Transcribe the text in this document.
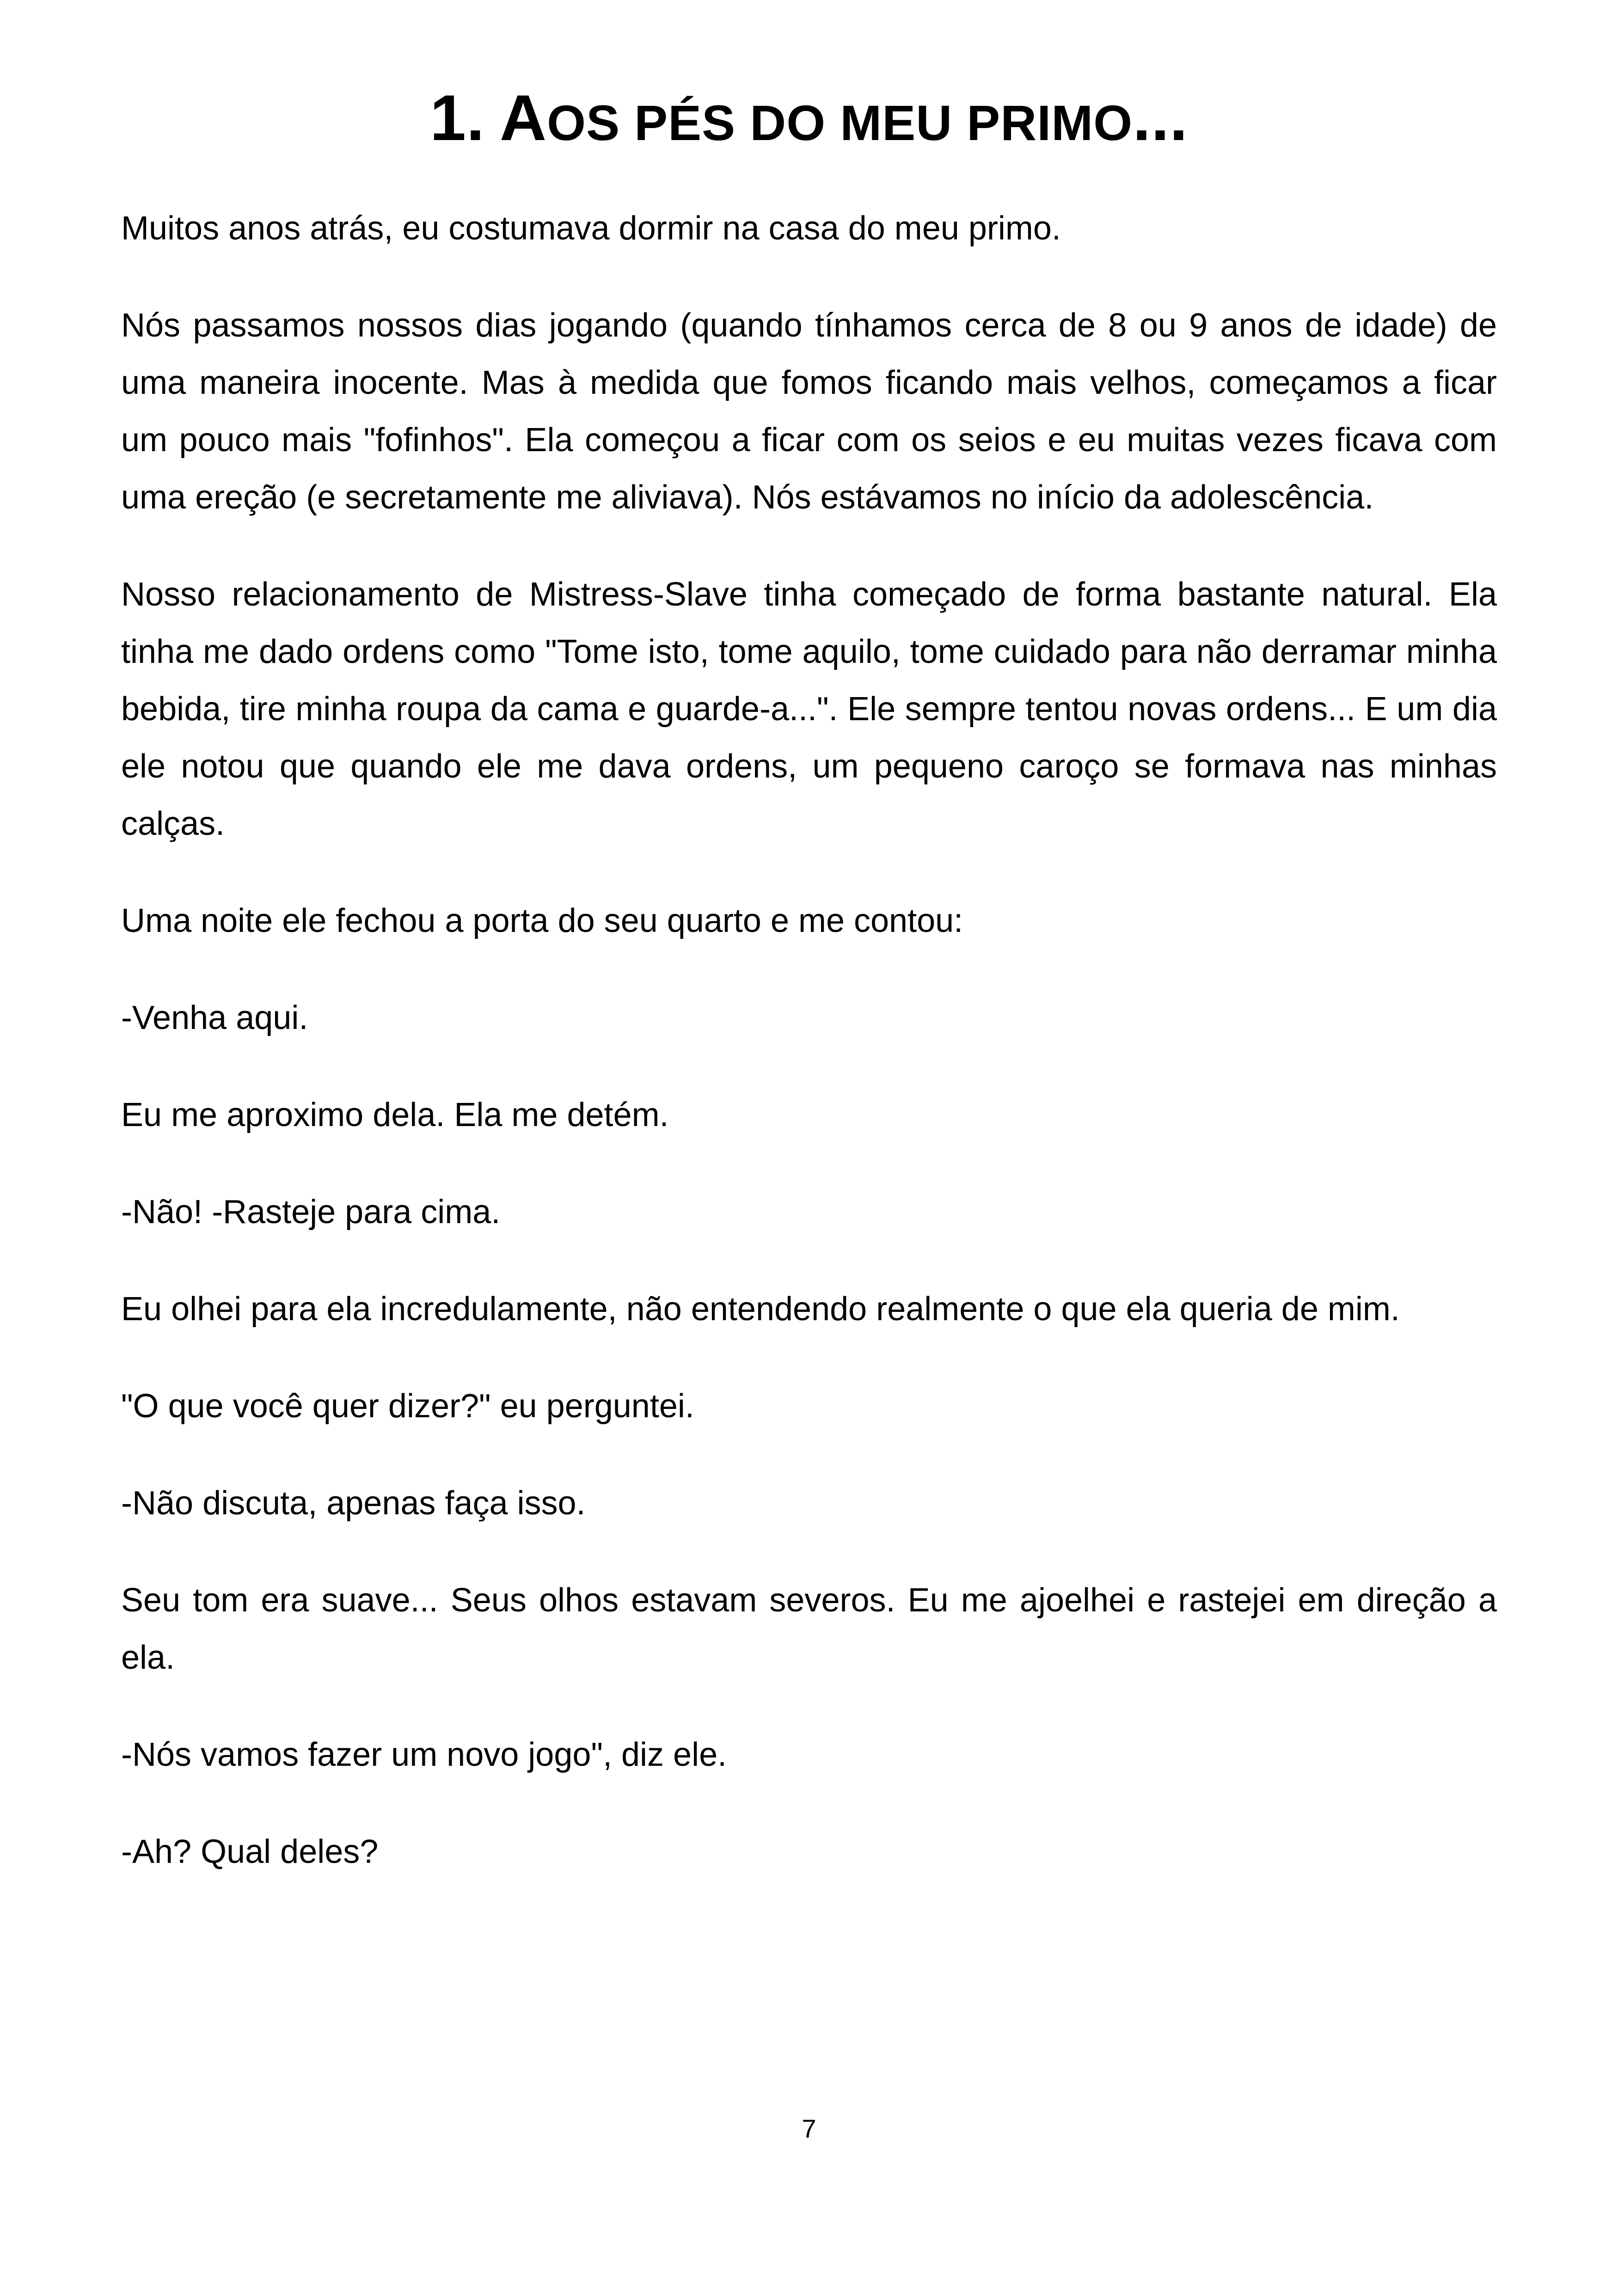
1. AOS PÉS DO MEU PRIMO...

Muitos anos atrás, eu costumava dormir na casa do meu primo.

Nós passamos nossos dias jogando (quando tínhamos cerca de 8 ou 9 anos de idade) de uma maneira inocente. Mas à medida que fomos ficando mais velhos, começamos a ficar um pouco mais "fofinhos". Ela começou a ficar com os seios e eu muitas vezes ficava com uma ereção (e secretamente me aliviava). Nós estávamos no início da adolescência.

Nosso relacionamento de Mistress-Slave tinha começado de forma bastante natural. Ela tinha me dado ordens como "Tome isto, tome aquilo, tome cuidado para não derramar minha bebida, tire minha roupa da cama e guarde-a...". Ele sempre tentou novas ordens... E um dia ele notou que quando ele me dava ordens, um pequeno caroço se formava nas minhas calças.

Uma noite ele fechou a porta do seu quarto e me contou:

-Venha aqui.

Eu me aproximo dela. Ela me detém.

-Não! -Rasteje para cima.

Eu olhei para ela incredulamente, não entendendo realmente o que ela queria de mim.

"O que você quer dizer?" eu perguntei.

-Não discuta, apenas faça isso.

Seu tom era suave... Seus olhos estavam severos. Eu me ajoelhei e rastejei em direção a ela.

-Nós vamos fazer um novo jogo", diz ele.

-Ah? Qual deles?

7
